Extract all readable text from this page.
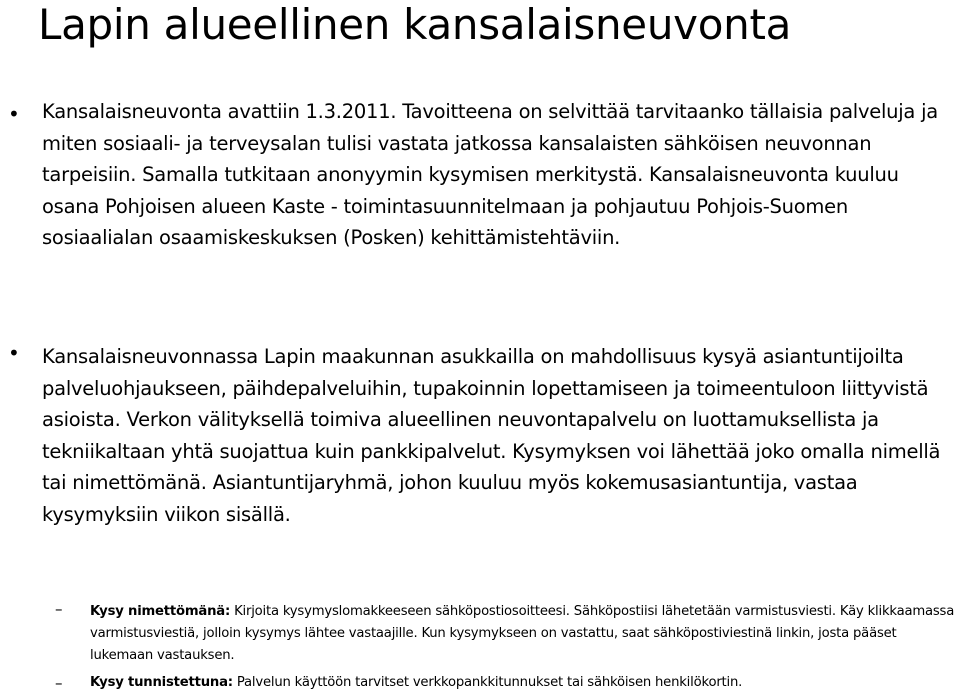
Lapin alueellinen kansalaisneuvonta
• Kansalaisneuvonta avattiin 1.3.2011. Tavoitteena on selvittää tarvitaanko tällaisia palveluja ja miten sosiaali- ja terveysalan tulisi vastata jatkossa kansalaisten sähköisen neuvonnan tarpeisiin. Samalla tutkitaan anonyymin kysymisen merkitystä. Kansalaisneuvonta kuuluu osana Pohjoisen alueen Kaste - toimintasuunnitelmaan ja pohjautuu Pohjois-Suomen sosiaalialan osaamiskeskuksen (Posken) kehittämistehtäviin.
• Kansalaisneuvonnassa Lapin maakunnan asukkailla on mahdollisuus kysyä asiantuntijoilta palveluohjaukseen, päihdepalveluihin, tupakoinnin lopettamiseen ja toimeentuloon liittyvistä asioista. Verkon välityksellä toimiva alueellinen neuvontapalvelu on luottamuksellista ja tekniikaltaan yhtä suojattua kuin pankkipalvelut. Kysymyksen voi lähettää joko omalla nimellä tai nimettömänä. Asiantuntijaryhmä, johon kuuluu myös kokemusasiantuntija, vastaa kysymyksiin viikon sisällä.
– Kysy nimettömänä: Kirjoita kysymyslomakkeeseen sähköpostiosoitteesi. Sähköpostiisi lähetetään varmistusviesti. Käy klikkaamassa varmistusviestiä, jolloin kysymys lähtee vastaajille. Kun kysymykseen on vastattu, saat sähköpostiviestinä linkin, josta pääset lukemaan vastauksen.
– Kysy tunnistettuna: Palvelun käyttöön tarvitset verkkopankkitunnukset tai sähköisen henkilökortin.
